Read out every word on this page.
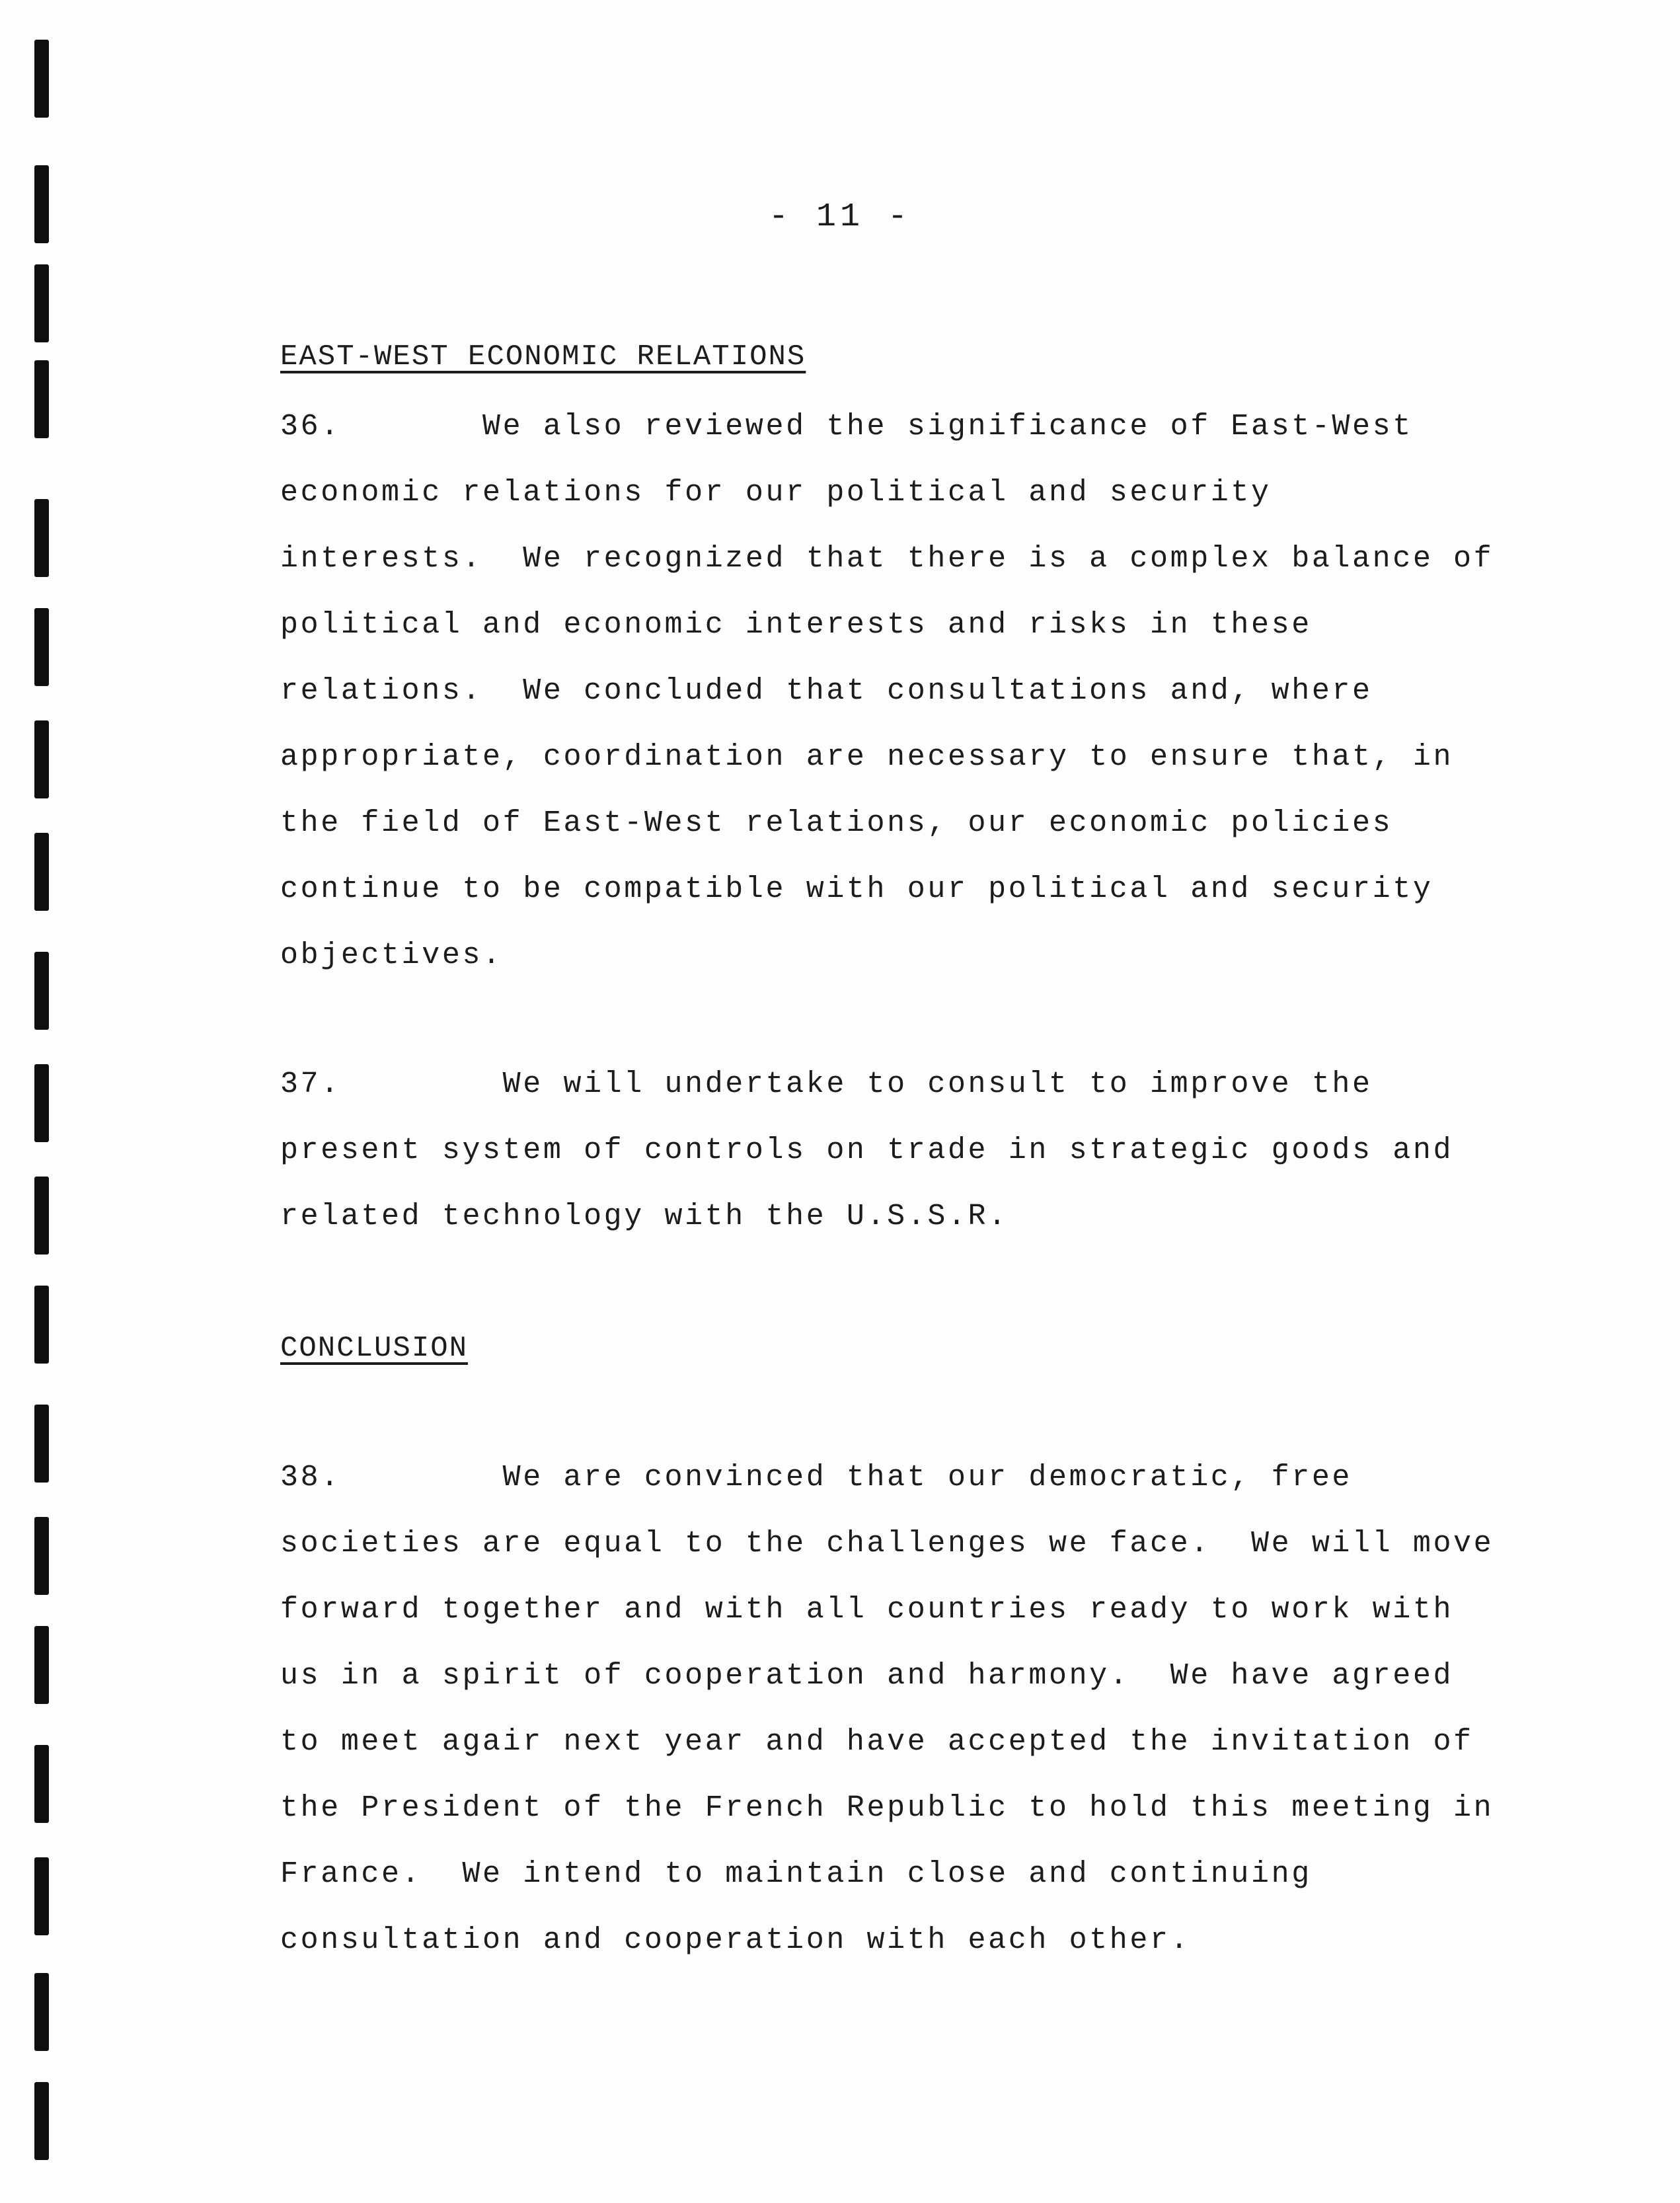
- 11 -
EAST-WEST ECONOMIC RELATIONS
36.       We also reviewed the significance of East-West
economic relations for our political and security
interests.  We recognized that there is a complex balance of
political and economic interests and risks in these
relations.  We concluded that consultations and, where
appropriate, coordination are necessary to ensure that, in
the field of East-West relations, our economic policies
continue to be compatible with our political and security
objectives.
37.        We will undertake to consult to improve the
present system of controls on trade in strategic goods and
related technology with the U.S.S.R.
CONCLUSION
38.        We are convinced that our democratic, free
societies are equal to the challenges we face.  We will move
forward together and with all countries ready to work with
us in a spirit of cooperation and harmony.  We have agreed
to meet agair next year and have accepted the invitation of
the President of the French Republic to hold this meeting in
France.  We intend to maintain close and continuing
consultation and cooperation with each other.
